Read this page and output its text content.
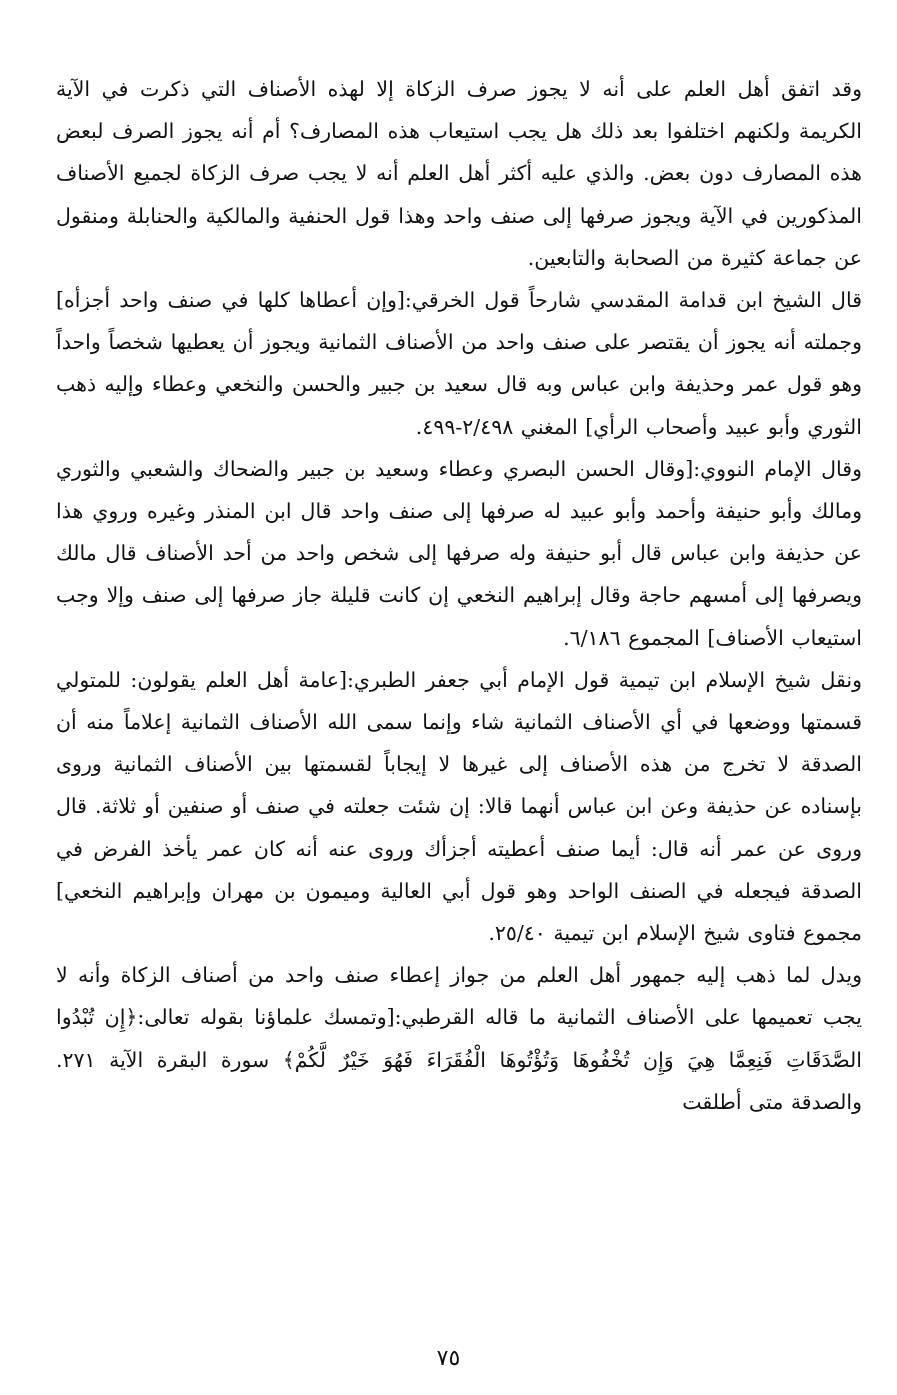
وقد اتفق أهل العلم على أنه لا يجوز صرف الزكاة إلا لهذه الأصناف التي ذكرت في الآية الكريمة ولكنهم اختلفوا بعد ذلك هل يجب استيعاب هذه المصارف؟ أم أنه يجوز الصرف لبعض هذه المصارف دون بعض. والذي عليه أكثر أهل العلم أنه لا يجب صرف الزكاة لجميع الأصناف المذكورين في الآية ويجوز صرفها إلى صنف واحد وهذا قول الحنفية والمالكية والحنابلة ومنقول عن جماعة كثيرة من الصحابة والتابعين.

قال الشيخ ابن قدامة المقدسي شارحاً قول الخرقي:[وإن أعطاها كلها في صنف واحد أجزأه] وجملته أنه يجوز أن يقتصر على صنف واحد من الأصناف الثمانية ويجوز أن يعطيها شخصاً واحداً وهو قول عمر وحذيفة وابن عباس وبه قال سعيد بن جبير والحسن والنخعي وعطاء وإليه ذهب الثوري وأبو عبيد وأصحاب الرأي] المغني ٢/٤٩٨-٤٩٩.

وقال الإمام النووي:[وقال الحسن البصري وعطاء وسعيد بن جبير والضحاك والشعبي والثوري ومالك وأبو حنيفة وأحمد وأبو عبيد له صرفها إلى صنف واحد قال ابن المنذر وغيره وروي هذا عن حذيفة وابن عباس قال أبو حنيفة وله صرفها إلى شخص واحد من أحد الأصناف قال مالك ويصرفها إلى أمسهم حاجة وقال إبراهيم النخعي إن كانت قليلة جاز صرفها إلى صنف وإلا وجب استيعاب الأصناف] المجموع ٦/١٨٦.

ونقل شيخ الإسلام ابن تيمية قول الإمام أبي جعفر الطبري:[عامة أهل العلم يقولون: للمتولي قسمتها ووضعها في أي الأصناف الثمانية شاء وإنما سمى الله الأصناف الثمانية إعلاماً منه أن الصدقة لا تخرج من هذه الأصناف إلى غيرها لا إيجاباً لقسمتها بين الأصناف الثمانية وروى بإسناده عن حذيفة وعن ابن عباس أنهما قالا: إن شئت جعلته في صنف أو صنفين أو ثلاثة. قال وروى عن عمر أنه قال: أيما صنف أعطيته أجزأك وروى عنه أنه كان عمر يأخذ الفرض في الصدقة فيجعله في الصنف الواحد وهو قول أبي العالية وميمون بن مهران وإبراهيم النخعي] مجموع فتاوى شيخ الإسلام ابن تيمية ٢٥/٤٠.

ويدل لما ذهب إليه جمهور أهل العلم من جواز إعطاء صنف واحد من أصناف الزكاة وأنه لا يجب تعميمها على الأصناف الثمانية ما قاله القرطبي:[وتمسك علماؤنا بقوله تعالى:﴿إِن تُبْدُوا الصَّدَقَاتِ فَنِعِمَّا هِيَ وَإِن تُخْفُوهَا وَتُؤْتُوهَا الْفُقَرَاءَ فَهُوَ خَيْرٌ لَّكُمْ﴾ سورة البقرة الآية ٢٧١. والصدقة متى أطلقت

٧٥
